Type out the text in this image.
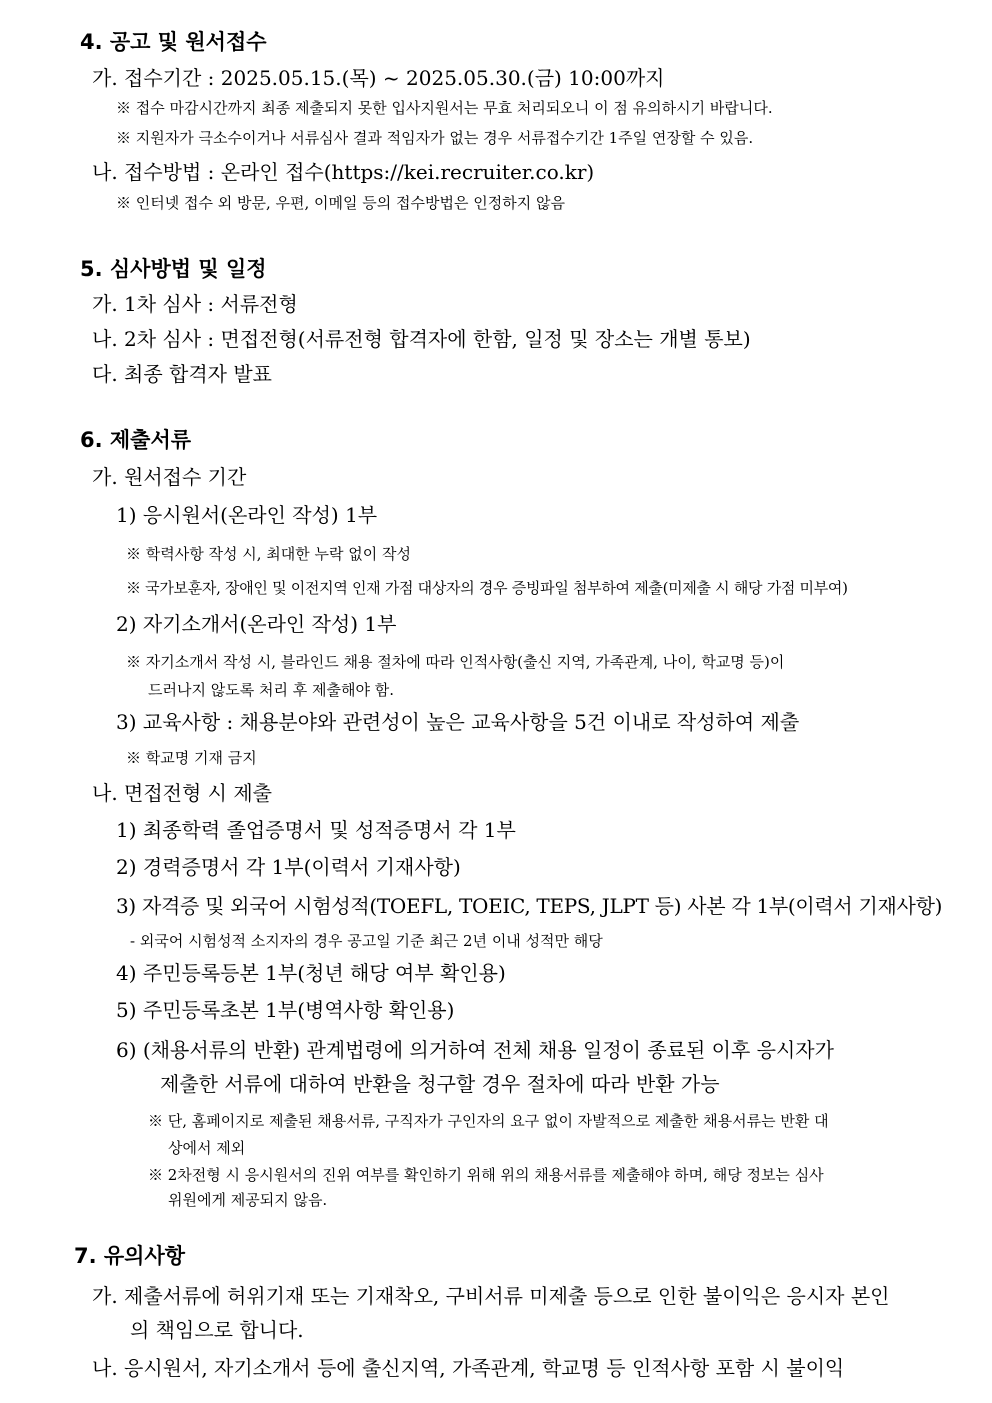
4. 공고 및 원서접수
가. 접수기간 : 2025.05.15.(목) ~ 2025.05.30.(금) 10:00까지
※ 접수 마감시간까지 최종 제출되지 못한 입사지원서는 무효 처리되오니 이 점 유의하시기 바랍니다.
※ 지원자가 극소수이거나 서류심사 결과 적임자가 없는 경우 서류접수기간 1주일 연장할 수 있음.
나. 접수방법 : 온라인 접수(https://kei.recruiter.co.kr)
※ 인터넷 접수 외 방문, 우편, 이메일 등의 접수방법은 인정하지 않음
5. 심사방법 및 일정
가. 1차 심사 : 서류전형
나. 2차 심사 : 면접전형(서류전형 합격자에 한함, 일정 및 장소는 개별 통보)
다. 최종 합격자 발표
6. 제출서류
가. 원서접수 기간
1) 응시원서(온라인 작성) 1부
※ 학력사항 작성 시, 최대한 누락 없이 작성
※ 국가보훈자, 장애인 및 이전지역 인재 가점 대상자의 경우 증빙파일 첨부하여 제출(미제출 시 해당 가점 미부여)
2) 자기소개서(온라인 작성) 1부
※ 자기소개서 작성 시, 블라인드 채용 절차에 따라 인적사항(출신 지역, 가족관계, 나이, 학교명 등)이
드러나지 않도록 처리 후 제출해야 함.
3) 교육사항 : 채용분야와 관련성이 높은 교육사항을 5건 이내로 작성하여 제출
※ 학교명 기재 금지
나. 면접전형 시 제출
1) 최종학력 졸업증명서 및 성적증명서 각 1부
2) 경력증명서 각 1부(이력서 기재사항)
3) 자격증 및 외국어 시험성적(TOEFL, TOEIC, TEPS, JLPT 등) 사본 각 1부(이력서 기재사항)
- 외국어 시험성적 소지자의 경우 공고일 기준 최근 2년 이내 성적만 해당
4) 주민등록등본 1부(청년 해당 여부 확인용)
5) 주민등록초본 1부(병역사항 확인용)
6) (채용서류의 반환) 관계법령에 의거하여 전체 채용 일정이 종료된 이후 응시자가
제출한 서류에 대하여 반환을 청구할 경우 절차에 따라 반환 가능
※ 단, 홈페이지로 제출된 채용서류, 구직자가 구인자의 요구 없이 자발적으로 제출한 채용서류는 반환 대
상에서 제외
※ 2차전형 시 응시원서의 진위 여부를 확인하기 위해 위의 채용서류를 제출해야 하며, 해당 정보는 심사
위원에게 제공되지 않음.
7. 유의사항
가. 제출서류에 허위기재 또는 기재착오, 구비서류 미제출 등으로 인한 불이익은 응시자 본인
의 책임으로 합니다.
나. 응시원서, 자기소개서 등에 출신지역, 가족관계, 학교명 등 인적사항 포함 시 불이익
